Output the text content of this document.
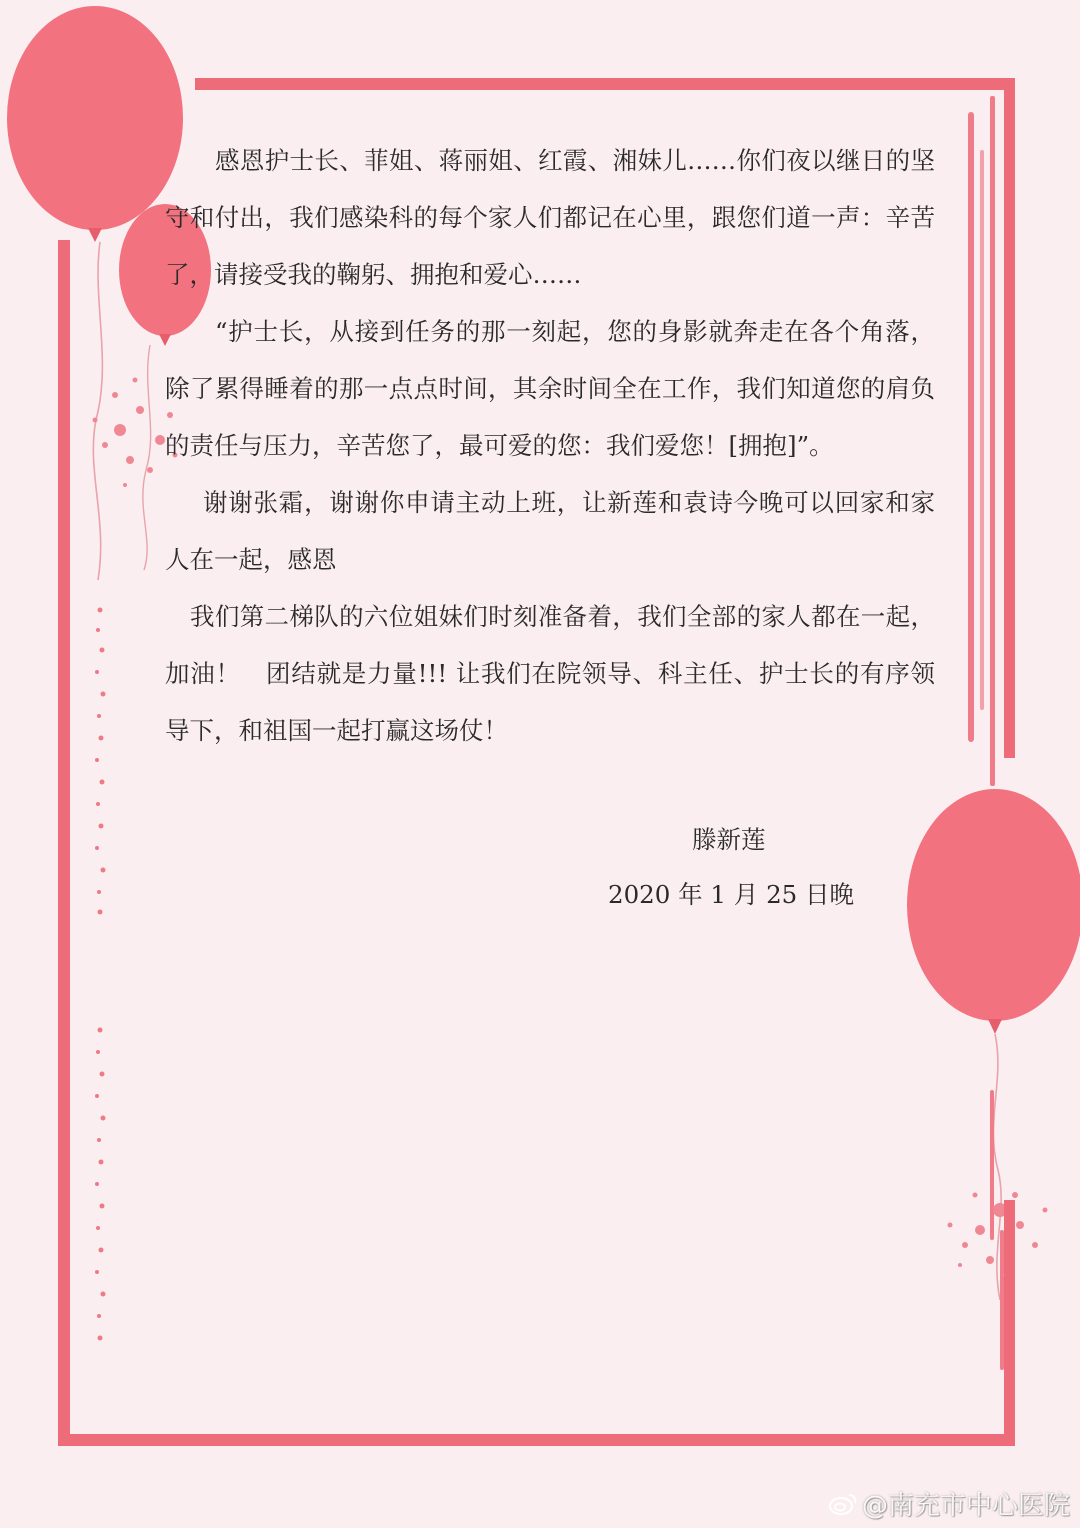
感恩护士长、菲姐、蒋丽姐、红霞、湘妹儿……你们夜以继日的坚守和付出，我们感染科的每个家人们都记在心里，跟您们道一声：辛苦了，请接受我的鞠躬、拥抱和爱心……

“护士长，从接到任务的那一刻起，您的身影就奔走在各个角落，除了累得睡着的那一点点时间，其余时间全在工作，我们知道您的肩负的责任与压力，辛苦您了，最可爱的您：我们爱您！[拥抱]”。

谢谢张霜，谢谢你申请主动上班，让新莲和袁诗今晚可以回家和家人在一起，感恩

我们第二梯队的六位姐妹们时刻准备着，我们全部的家人都在一起，加油！　团结就是力量!!! 让我们在院领导、科主任、护士长的有序领导下，和祖国一起打赢这场仗！

滕新莲
2020 年 1 月 25 日晚
@南充市中心医院
